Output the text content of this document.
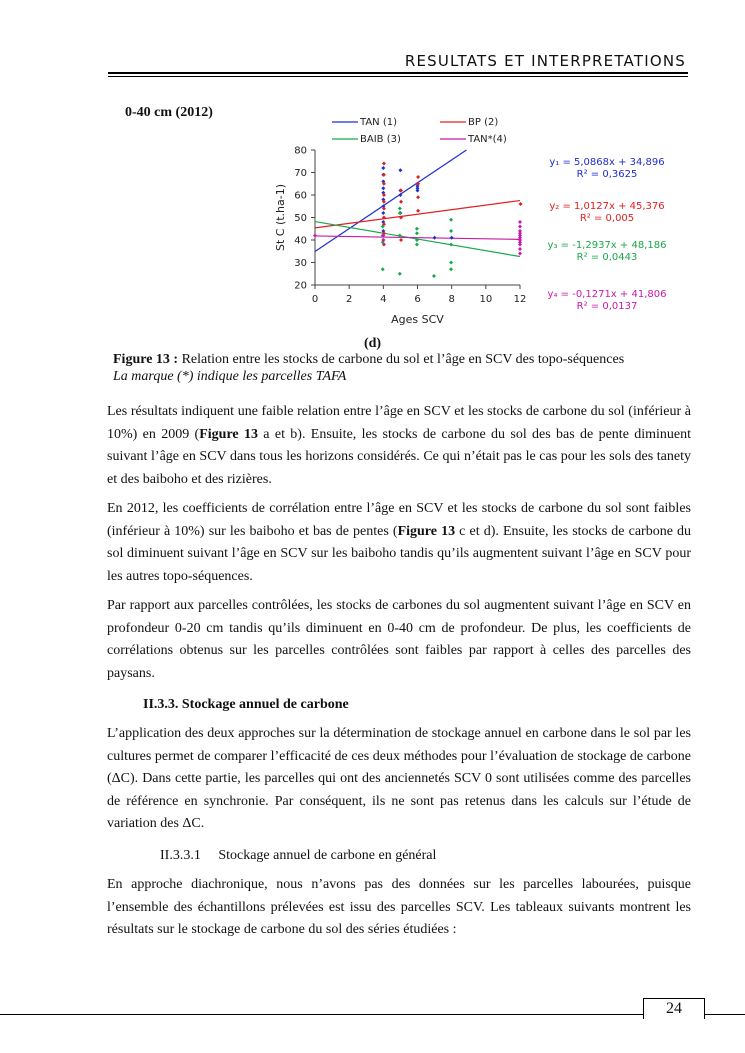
RESULTATS ET INTERPRETATIONS
0-40 cm (2012)
20
30
40
50
60
70
80
0	2	4	6	8 10 12
Ages SCV
St C (t.ha-1)
TAN (1)	BP (2)
BAIB (3)	TAN*(4)
y₁ = 5,0868x + 34,896
R² = 0,3625
y₂ = 1,0127x + 45,376
R² = 0,005
y₃ = -1,2937x + 48,186
R² = 0,0443
y₄ = -0,1271x + 41,806
R² = 0,0137
(d)
Figure 13 : Relation entre les stocks de carbone du sol et l’âge en SCV des topo-séquences
La marque (*) indique les parcelles TAFA

Les résultats indiquent une faible relation entre l’âge en SCV et les stocks de carbone du sol (inférieur à 10%) en 2009 (Figure 13 a et b). Ensuite, les stocks de carbone du sol des bas de pente diminuent suivant l’âge en SCV dans tous les horizons considérés. Ce qui n’était pas le cas pour les sols des tanety et des baiboho et des rizières.

En 2012, les coefficients de corrélation entre l’âge en SCV et les stocks de carbone du sol sont faibles (inférieur à 10%) sur les baiboho et bas de pentes (Figure 13 c et d). Ensuite, les stocks de carbone du sol diminuent suivant l’âge en SCV sur les baiboho tandis qu’ils augmentent suivant l’âge en SCV pour les autres topo-séquences.

Par rapport aux parcelles contrôlées, les stocks de carbones du sol augmentent suivant l’âge en SCV en profondeur 0-20 cm tandis qu’ils diminuent en 0-40 cm de profondeur. De plus, les coefficients de corrélations obtenus sur les parcelles contrôlées sont faibles par rapport à celles des parcelles des paysans.

II.3.3. Stockage annuel de carbone

L’application des deux approches sur la détermination de stockage annuel en carbone dans le sol par les cultures permet de comparer l’efficacité de ces deux méthodes pour l’évaluation de stockage de carbone (ΔC). Dans cette partie, les parcelles qui ont des anciennetés SCV 0 sont utilisées comme des parcelles de référence en synchronie. Par conséquent, ils ne sont pas retenus dans les calculs sur l’étude de variation des ΔC.

II.3.3.1     Stockage annuel de carbone en général

En approche diachronique, nous n’avons pas des données sur les parcelles labourées, puisque l’ensemble des échantillons prélevées est issu des parcelles SCV. Les tableaux suivants montrent les résultats sur le stockage de carbone du sol des séries étudiées :

24
